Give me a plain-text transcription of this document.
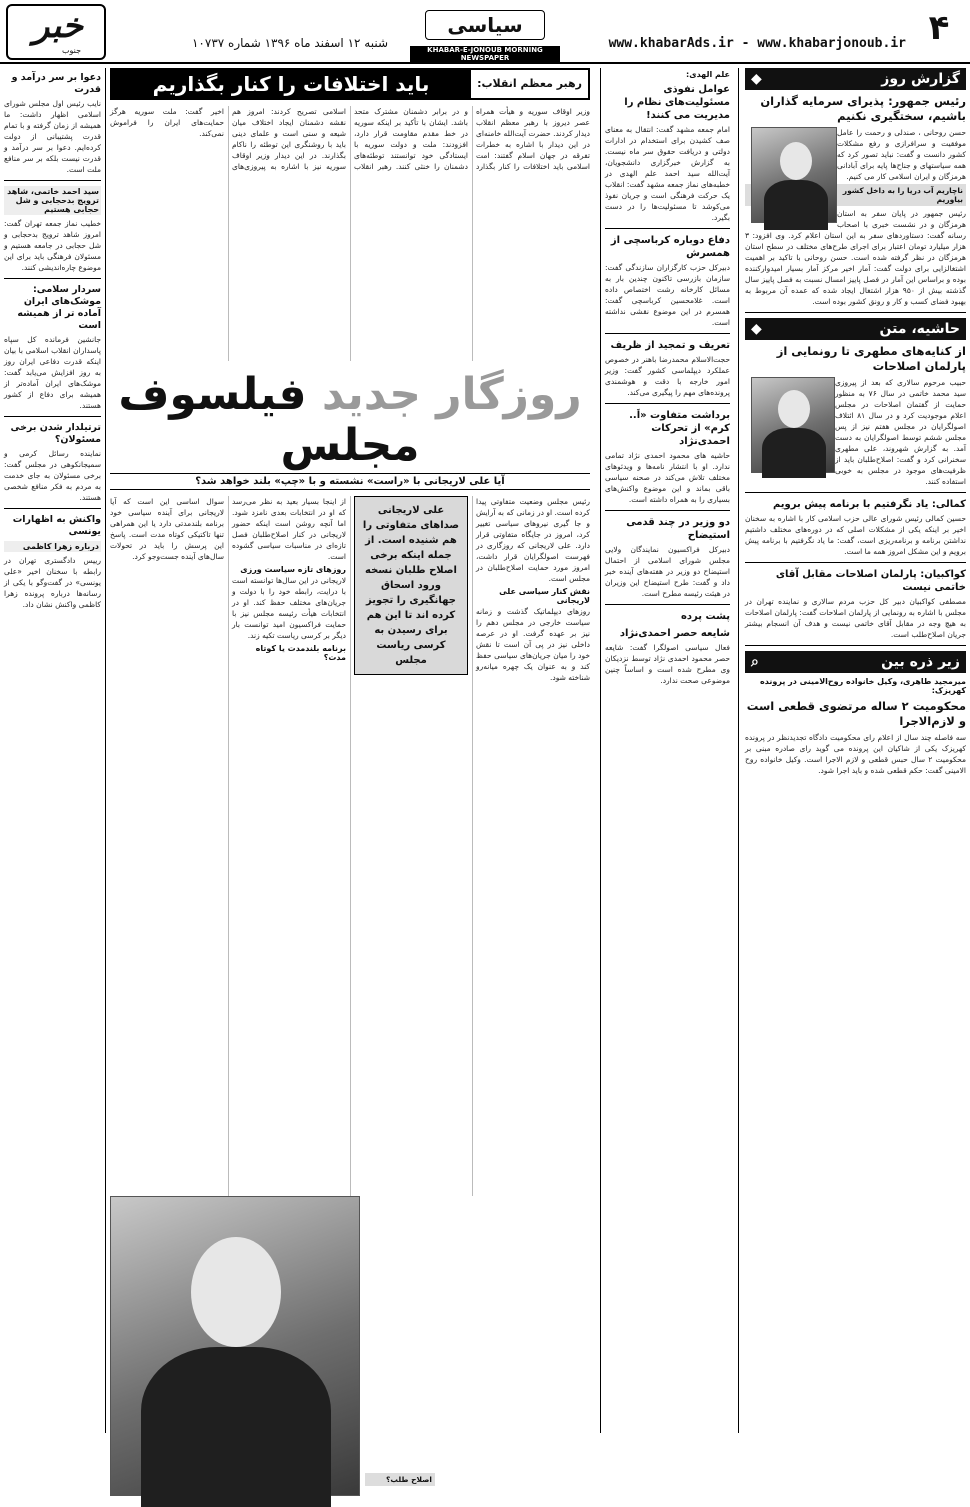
۴
www.khabarAds.ir - www.khabarjonoub.ir
سیاسی
KHABAR-E-JONOUB MORNING NEWSPAPER
شنبه ۱۲ اسفند ماه ۱۳۹۶ شماره ۱۰۷۳۷
خبر
جنوب
گزارش روز
◆
رئیس جمهور: پذیرای سرمایه گذاران باشیم، سختگیری نکنیم

حسن روحانی ، صندلی و رحمت را عامل موفقیت و سرافرازی و رفع مشکلات کشور دانست و گفت: نباید تصور کرد که همه سیاستهای و جناح‌ها پایه برای آبادانی هرمزگان و ایران اسلامی کار می کنیم.

ناچاریم آب دریا را به داخل کشور بیاوریم

رئیس جمهور در پایان سفر به استان هرمزگان و در نشست خبری با اصحاب رسانه گفت: دستاوردهای سفر به این استان اعلام کرد. وی افزود: ۳ هزار میلیارد تومان اعتبار برای اجرای طرح‌های مختلف در سطح استان هرمزگان در نظر گرفته شده است. حسن روحانی با تاکید بر اهمیت اشتغالزایی برای دولت گفت: آمار اخیر مرکز آمار بسیار امیدوارکننده بوده و براساس این آمار در فصل پاییز امسال نسبت به فصل پاییز سال گذشته بیش از ۹۵۰ هزار اشتغال ایجاد شده که عمده آن مربوط به بهبود فضای کسب و کار و رونق کشور بوده است.

حاشیه، متن
◆
از کنایه‌های مطهری تا رونمایی از پارلمان اصلاحات

حبیب مرحوم سالاری که بعد از پیروزی سید محمد خاتمی در سال ۷۶ به منظور حمایت از گفتمان اصلاحات در مجلس اعلام موجودیت کرد و در سال ۸۱ ائتلاف اصولگرایان در مجلس هفتم نیز از پس مجلس ششم توسط اصولگرایان به دست آمد. به گزارش شهروند، علی مطهری سخنرانی کرد و گفت: اصلاح‌طلبان باید از ظرفیت‌های موجود در مجلس به خوبی استفاده کنند.

کمالی: یاد نگرفتیم با برنامه پیش برویم

حسین کمالی رئیس شورای عالی حزب اسلامی کار با اشاره به سخنان اخیر بر اینکه یکی از مشکلات اصلی که در دوره‌های مختلف داشتیم نداشتن برنامه و برنامه‌ریزی است، گفت: ما یاد نگرفتیم با برنامه پیش برویم و این مشکل امروز همه ما است.

کواکبیان: پارلمان اصلاحات مقابل آقای خاتمی نیست

مصطفی کواکبیان دبیر کل حزب مردم سالاری و نماینده تهران در مجلس با اشاره به رونمایی از پارلمان اصلاحات گفت: پارلمان اصلاحات به هیچ وجه در مقابل آقای خاتمی نیست و هدف آن انسجام بیشتر جریان اصلاح‌طلب است.

زیر ذره بین
⌕
میرمجید طاهری، وکیل خانواده روح‌الامینی در پرونده کهریزک:
محکومیت ۲ ساله مرتضوی قطعی است و لازم‌الاجرا

سه فاصله چند سال از اعلام رای محکومیت دادگاه تجدیدنظر در پرونده کهریزک یکی از شاکیان این پرونده می گوید رای صادره مبنی بر محکومیت ۲ سال حبس قطعی و لازم الاجرا است. وکیل خانواده روح الامینی گفت: حکم قطعی شده و باید اجرا شود.

علم الهدی:
عوامل نفوذی مسئولیت‌های نظام را مدیریت می کنند!

امام جمعه مشهد گفت: انتقال به معنای صف کشیدن برای استخدام در ادارات دولتی و دریافت حقوق سر ماه نیست. به گزارش خبرگزاری دانشجویان، آیت‌الله سید احمد علم الهدی در خطبه‌های نماز جمعه مشهد گفت: انقلاب یک حرکت فرهنگی است و جریان نفوذ می‌کوشد تا مسئولیت‌ها را در دست بگیرد.

دفاع دوباره کرباسچی از همسرش

دبیرکل حزب کارگزاران سازندگی گفت: سازمان بازرسی تاکنون چندین بار به مسائل کارخانه رشت اختصاص داده است. غلامحسین کرباسچی گفت: همسرم در این موضوع نقشی نداشته است.

تعریف و تمجید از ظریف

حجت‌الاسلام محمدرضا باهنر در خصوص عملکرد دیپلماسی کشور گفت: وزیر امور خارجه با دقت و هوشمندی پرونده‌های مهم را پیگیری می‌کند.

برداشت متفاوت «اَ.. کرم» از تحرکات احمدی‌نژاد

حاشیه های محمود احمدی نژاد تمامی ندارد. او با انتشار نامه‌ها و ویدئوهای مختلف تلاش می‌کند در صحنه سیاسی باقی بماند و این موضوع واکنش‌های بسیاری را به همراه داشته است.

دو وزیر در چند قدمی استیضاح

دبیرکل فراکسیون نمایندگان ولایی مجلس شورای اسلامی از احتمال استیضاح دو وزیر در هفته‌های آینده خبر داد و گفت: طرح استیضاح این وزیران در هیئت رئیسه مطرح است.

پشت پرده
شایعه حصر احمدی‌نژاد

فعال سیاسی اصولگرا گفت: شایعه حصر محمود احمدی نژاد توسط نزدیکان وی مطرح شده است و اساساً چنین موضوعی صحت ندارد.

رهبر معظم انقلاب:
باید اختلافات را کنار بگذاریم

وزیر اوقاف سوریه و هیأت همراه عصر دیروز با رهبر معظم انقلاب دیدار کردند. حضرت آیت‌الله خامنه‌ای در این دیدار با اشاره به خطرات تفرقه در جهان اسلام گفتند: امت اسلامی باید اختلافات را کنار بگذارد و در برابر دشمنان مشترک متحد باشد. ایشان با تأکید بر اینکه سوریه در خط مقدم مقاومت قرار دارد، افزودند: ملت و دولت سوریه با ایستادگی خود توانستند توطئه‌های دشمنان را خنثی کنند. رهبر انقلاب اسلامی تصریح کردند: امروز هم نقشه دشمنان ایجاد اختلاف میان شیعه و سنی است و علمای دینی باید با روشنگری این توطئه را ناکام بگذارند. در این دیدار وزیر اوقاف سوریه نیز با اشاره به پیروزی‌های اخیر گفت: ملت سوریه هرگز حمایت‌های ایران را فراموش نمی‌کند.

روزگار جدید فیلسوف مجلس
آیا علی لاریجانی با «راست» نشسته و با «چپ» بلند خواهد شد؟

رئیس مجلس وضعیت متفاوتی پیدا کرده است. او در زمانی که به آرایش و جا گیری نیروهای سیاسی تغییر کرد، امروز در جایگاه متفاوتی قرار دارد. علی لاریجانی که روزگاری در فهرست اصولگرایان قرار داشت، امروز مورد حمایت اصلاح‌طلبان در مجلس است.

نقش کنار سیاسی علی لاریجانی

روزهای دیپلماتیک گذشت و زمانه سیاست خارجی در مجلس دهم را نیز بر عهده گرفت. او در عرصه داخلی نیز در پی آن است تا نقش خود را میان جریان‌های سیاسی حفظ کند و به عنوان یک چهره میانه‌رو شناخته شود.

علی لاریجانی صداهای متفاوتی را هم شنیده است. از جمله اینکه برخی اصلاح طلبان نسخه ورود اسحاق جهانگیری را تجویز کرده اند تا این هم برای رسیدن به کرسی ریاست مجلس

از اینجا بسیار بعید به نظر می‌رسد که او در انتخابات بعدی نامزد شود. اما آنچه روشن است اینکه حضور لاریجانی در کنار اصلاح‌طلبان فصل تازه‌ای در مناسبات سیاسی گشوده است.

روزهای تازه سیاست ورزی

لاریجانی در این سال‌ها توانسته است با درایت، رابطه خود را با دولت و جریان‌های مختلف حفظ کند. او در انتخابات هیأت رئیسه مجلس نیز با حمایت فراکسیون امید توانست بار دیگر بر کرسی ریاست تکیه زند.

برنامه بلندمدت یا کوتاه مدت؟

سوال اساسی این است که آیا لاریجانی برای آینده سیاسی خود برنامه بلندمدتی دارد یا این همراهی تنها تاکتیکی کوتاه مدت است. پاسخ این پرسش را باید در تحولات سال‌های آینده جست‌وجو کرد.

اصلاح طلب؟
دعوا بر سر درآمد و قدرت

نایب رئیس اول مجلس شورای اسلامی اظهار داشت: ما همیشه از زمان گرفته و با تمام قدرت پشتیبانی از دولت کرده‌ایم. دعوا بر سر درآمد و قدرت نیست بلکه بر سر منافع ملت است.

سید احمد خاتمی، شاهد ترویج بدحجابی و شل حجابی هستیم

خطیب نماز جمعه تهران گفت: امروز شاهد ترویج بدحجابی و شل حجابی در جامعه هستیم و مسئولان فرهنگی باید برای این موضوع چاره‌اندیشی کنند.

سردار سلامی: موشک‌های ایران آماده تر از همیشه است

جانشین فرمانده کل سپاه پاسداران انقلاب اسلامی با بیان اینکه قدرت دفاعی ایران روز به روز افزایش می‌یابد گفت: موشک‌های ایران آماده‌تر از همیشه برای دفاع از کشور هستند.

ترتیلدار شدن برخی مسئولان؟

نماینده رسائل کرمی و سمیجانکوهی در مجلس گفت: برخی مسئولان به جای خدمت به مردم به فکر منافع شخصی هستند.

واکنش به اظهارات یونسی
درباره زهرا کاظمی

رییس دادگستری تهران در رابطه با سخنان اخیر «علی یونسی» در گفت‌وگو با یکی از رسانه‌ها درباره پرونده زهرا کاظمی واکنش نشان داد.
